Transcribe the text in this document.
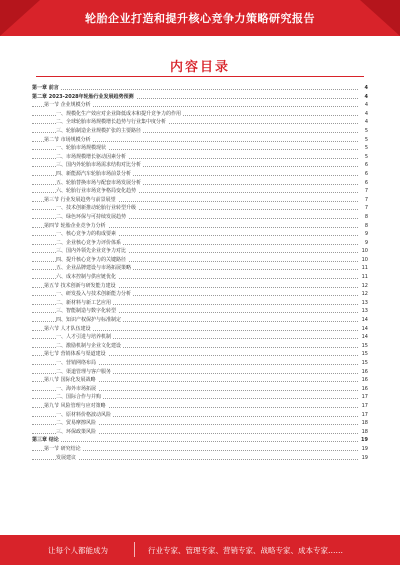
轮胎企业打造和提升核心竞争力策略研究报告
内容目录
第一章 前言	4
第二章 2023-2028年轮胎行业发展趋势预测	4
第一节 企业规模分析	4
一、规模化生产效应对企业降低成本和提升竞争力的作用	4
二、全球轮胎市场规模增长趋势与行业集中度分析	4
三、轮胎制造企业规模扩张的主要路径	5
第二节 市场规模分析	5
一、轮胎市场规模现状	5
二、市场规模增长驱动因素分析	5
三、国内外轮胎市场需求结构对比分析	6
四、新能源汽车轮胎市场前景分析	6
五、轮胎替换市场与配套市场发展分析	6
六、轮胎行业市场竞争格局变化趋势	7
第三节 行业发展趋势与前景展望	7
一、技术创新推动轮胎行业转型升级	7
二、绿色环保与可持续发展趋势	8
第四节 轮胎企业竞争力分析	8
一、核心竞争力的构成要素	9
二、企业核心竞争力评价体系	9
三、国内外领先企业竞争力对比	10
四、提升核心竞争力的关键路径	10
五、企业品牌建设与市场拓展策略	11
六、成本控制与供应链优化	11
第五节 技术创新与研发能力建设	12
一、研发投入与技术创新能力分析	12
二、新材料与新工艺应用	13
三、智能制造与数字化转型	13
四、知识产权保护与标准制定	14
第六节 人才队伍建设	14
一、人才引进与培养机制	14
二、激励机制与企业文化建设	15
第七节 营销体系与渠道建设	15
一、营销网络布局	15
二、渠道管理与客户服务	16
第八节 国际化发展战略	16
一、海外市场拓展	16
二、国际合作与并购	17
第九节 风险管理与应对策略	17
一、原材料价格波动风险	17
二、贸易摩擦风险	18
三、环保政策风险	18
第三章 结论	19
第一节 研究结论	19
发展建议	19
让每个人都能成为	行业专家、管理专家、营销专家、战略专家、成本专家……
